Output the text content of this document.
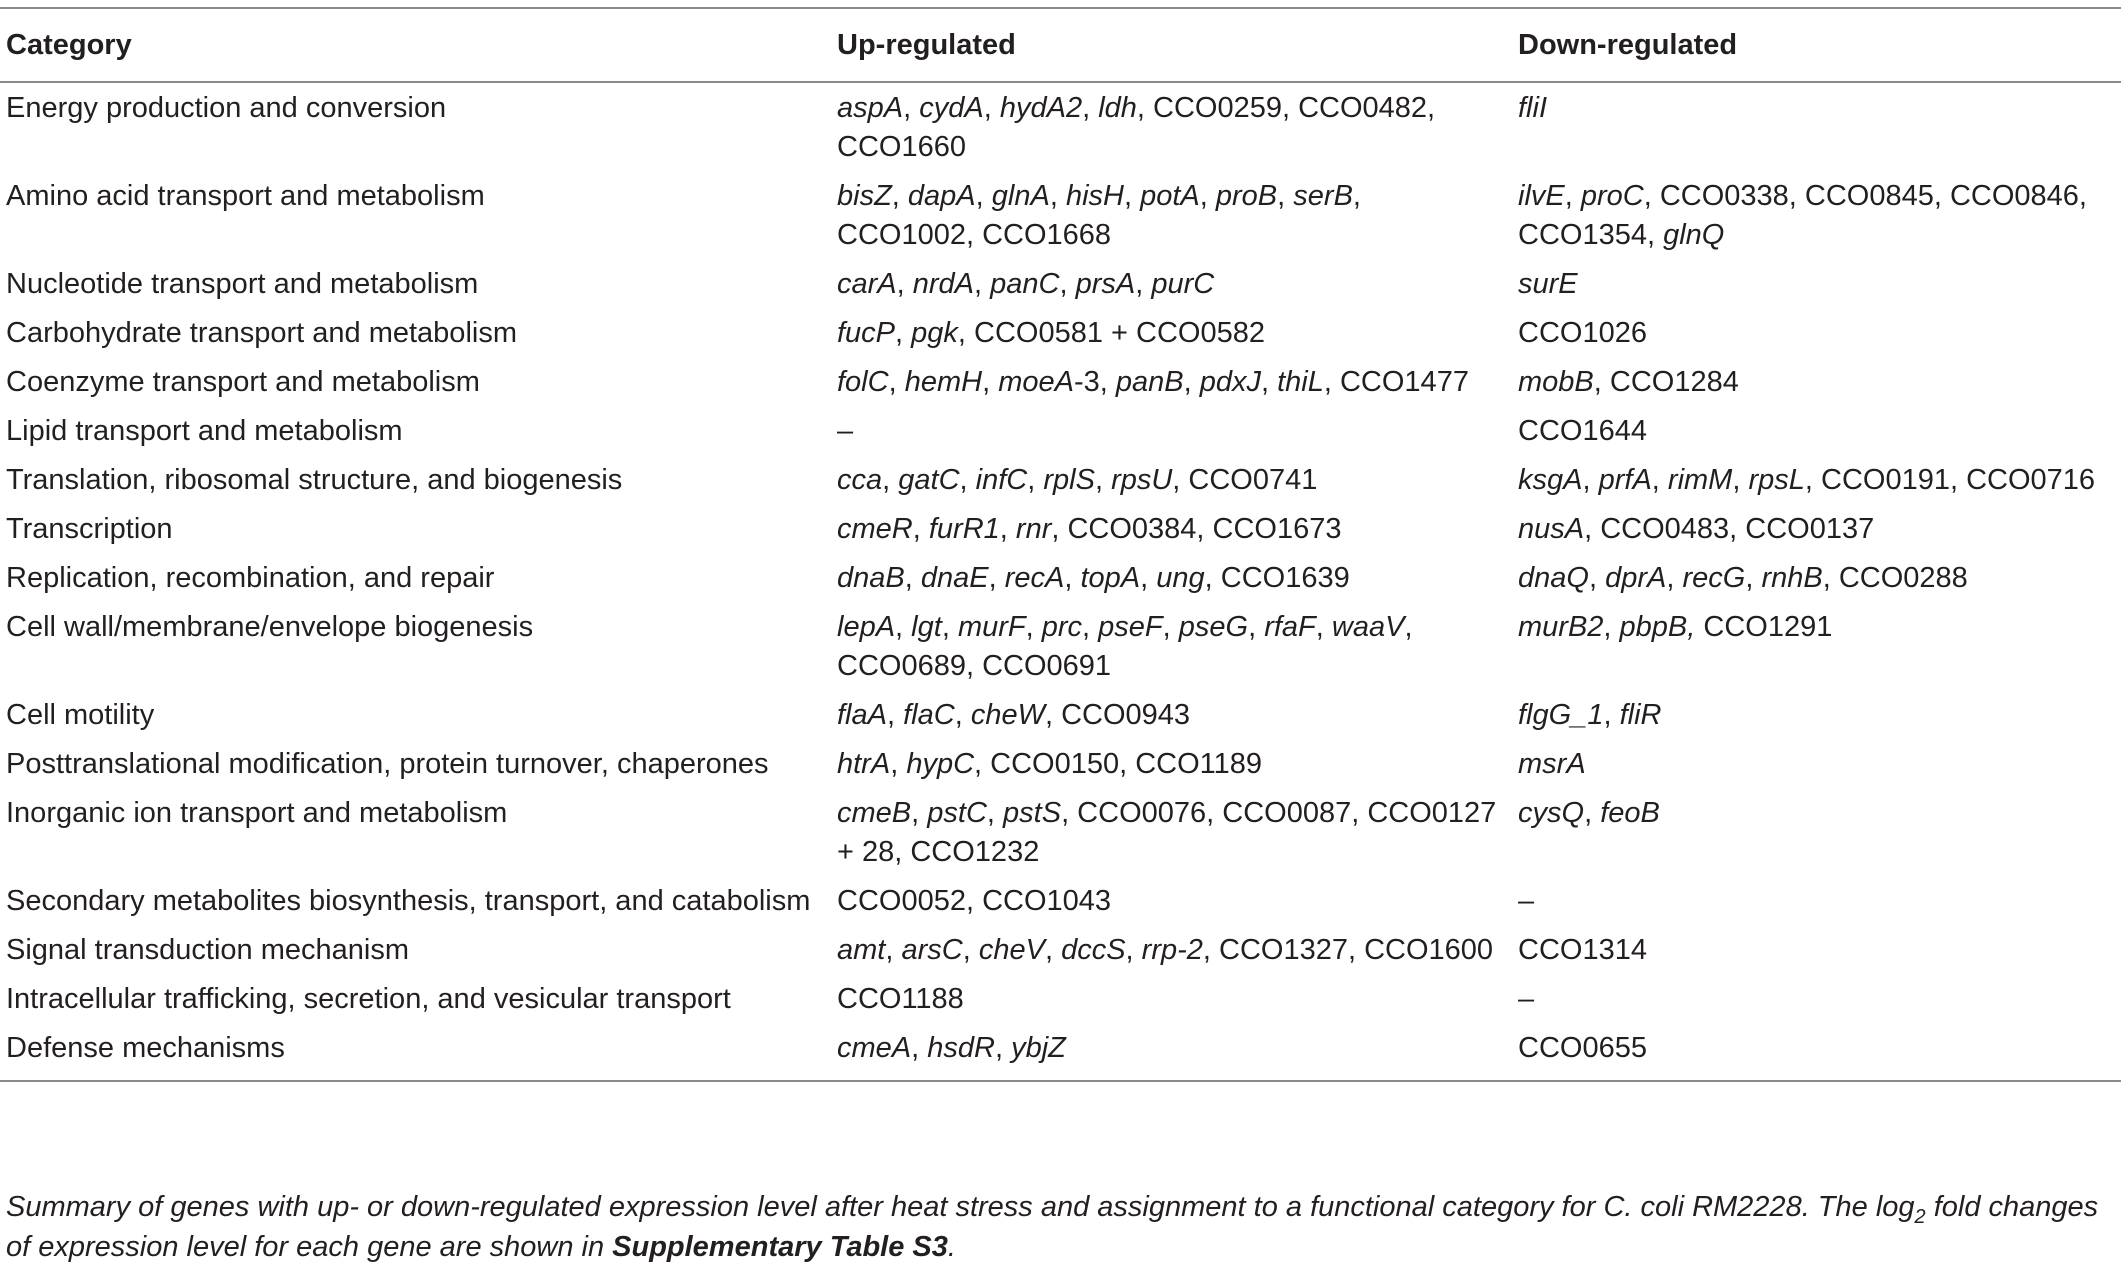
Category	Up-regulated	Down-regulated
Energy production and conversion	aspA, cydA, hydA2, ldh, CCO0259, CCO0482, CCO1660	fliI
Amino acid transport and metabolism	bisZ, dapA, glnA, hisH, potA, proB, serB, CCO1002, CCO1668	ilvE, proC, CCO0338, CCO0845, CCO0846, CCO1354, glnQ
Nucleotide transport and metabolism	carA, nrdA, panC, prsA, purC	surE
Carbohydrate transport and metabolism	fucP, pgk, CCO0581 + CCO0582	CCO1026
Coenzyme transport and metabolism	folC, hemH, moeA-3, panB, pdxJ, thiL, CCO1477	mobB, CCO1284
Lipid transport and metabolism	–	CCO1644
Translation, ribosomal structure, and biogenesis	cca, gatC, infC, rplS, rpsU, CCO0741	ksgA, prfA, rimM, rpsL, CCO0191, CCO0716
Transcription	cmeR, furR1, rnr, CCO0384, CCO1673	nusA, CCO0483, CCO0137
Replication, recombination, and repair	dnaB, dnaE, recA, topA, ung, CCO1639	dnaQ, dprA, recG, rnhB, CCO0288
Cell wall/membrane/envelope biogenesis	lepA, lgt, murF, prc, pseF, pseG, rfaF, waaV, CCO0689, CCO0691	murB2, pbpB, CCO1291
Cell motility	flaA, flaC, cheW, CCO0943	flgG_1, fliR
Posttranslational modification, protein turnover, chaperones	htrA, hypC, CCO0150, CCO1189	msrA
Inorganic ion transport and metabolism	cmeB, pstC, pstS, CCO0076, CCO0087, CCO0127 + 28, CCO1232	cysQ, feoB
Secondary metabolites biosynthesis, transport, and catabolism	CCO0052, CCO1043	–
Signal transduction mechanism	amt, arsC, cheV, dccS, rrp-2, CCO1327, CCO1600	CCO1314
Intracellular trafficking, secretion, and vesicular transport	CCO1188	–
Defense mechanisms	cmeA, hsdR, ybjZ	CCO0655
Summary of genes with up- or down-regulated expression level after heat stress and assignment to a functional category for C. coli RM2228. The $\log_2$ fold changes of expression level for each gene are shown in Supplementary Table S3.
